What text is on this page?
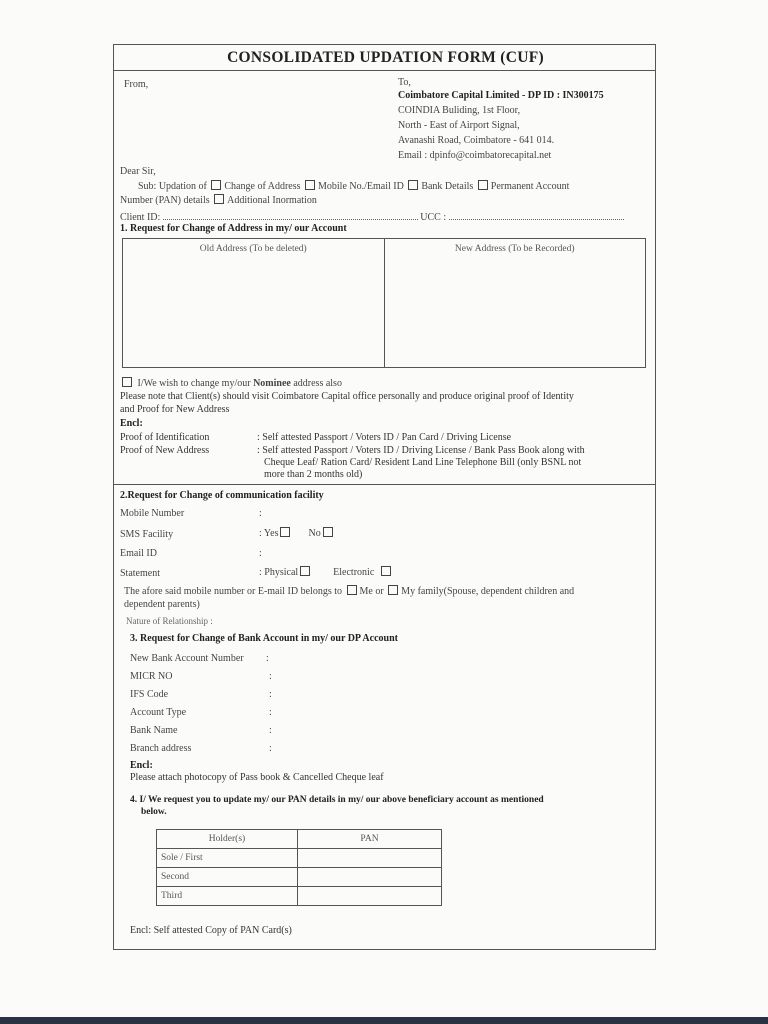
CONSOLIDATED UPDATION FORM (CUF)
From,	To,
Coimbatore Capital Limited - DP ID : IN300175
COINDIA Buliding, 1st Floor,
North - East of Airport Signal,
Avanashi Road, Coimbatore - 641 014.
Email : dpinfo@coimbatorecapital.net
Dear Sir,
Sub: Updation of Change of Address Mobile No./Email ID Bank Details Permanent Account
Number (PAN) details Additional Inormation
Client ID:	UCC :
1. Request for Change of Address in my/ our Account
Old Address (To be deleted)	New Address (To be Recorded)
I/We wish to change my/our Nominee address also
Please note that Client(s) should visit Coimbatore Capital office personally and produce original proof of Identity
and Proof for New Address
Encl:
Proof of Identification	: Self attested Passport / Voters ID / Pan Card / Driving License
Proof of New Address	: Self attested Passport / Voters ID / Driving License / Bank Pass Book along with
Cheque Leaf/ Ration Card/ Resident Land Line Telephone Bill (only BSNL not
more than 2 months old)
2.Request for Change of communication facility
Mobile Number	:
SMS Facility	: Yes	No
Email ID	:
Statement	: Physical	Electronic
The afore said mobile number or E-mail ID belongs to Me or My family(Spouse, dependent children and
dependent parents)
Nature of Relationship :
3. Request for Change of Bank Account in my/ our DP Account
New Bank Account Number :
MICR NO	:
IFS Code	:
Account Type	:
Bank Name	:
Branch address	:
Encl:
Please attach photocopy of Pass book & Cancelled Cheque leaf
4. I/ We request you to update my/ our PAN details in my/ our above beneficiary account as mentioned
below.
Holder(s)	PAN
Sole / First	
Second	
Third	
Encl: Self attested Copy of PAN Card(s)
